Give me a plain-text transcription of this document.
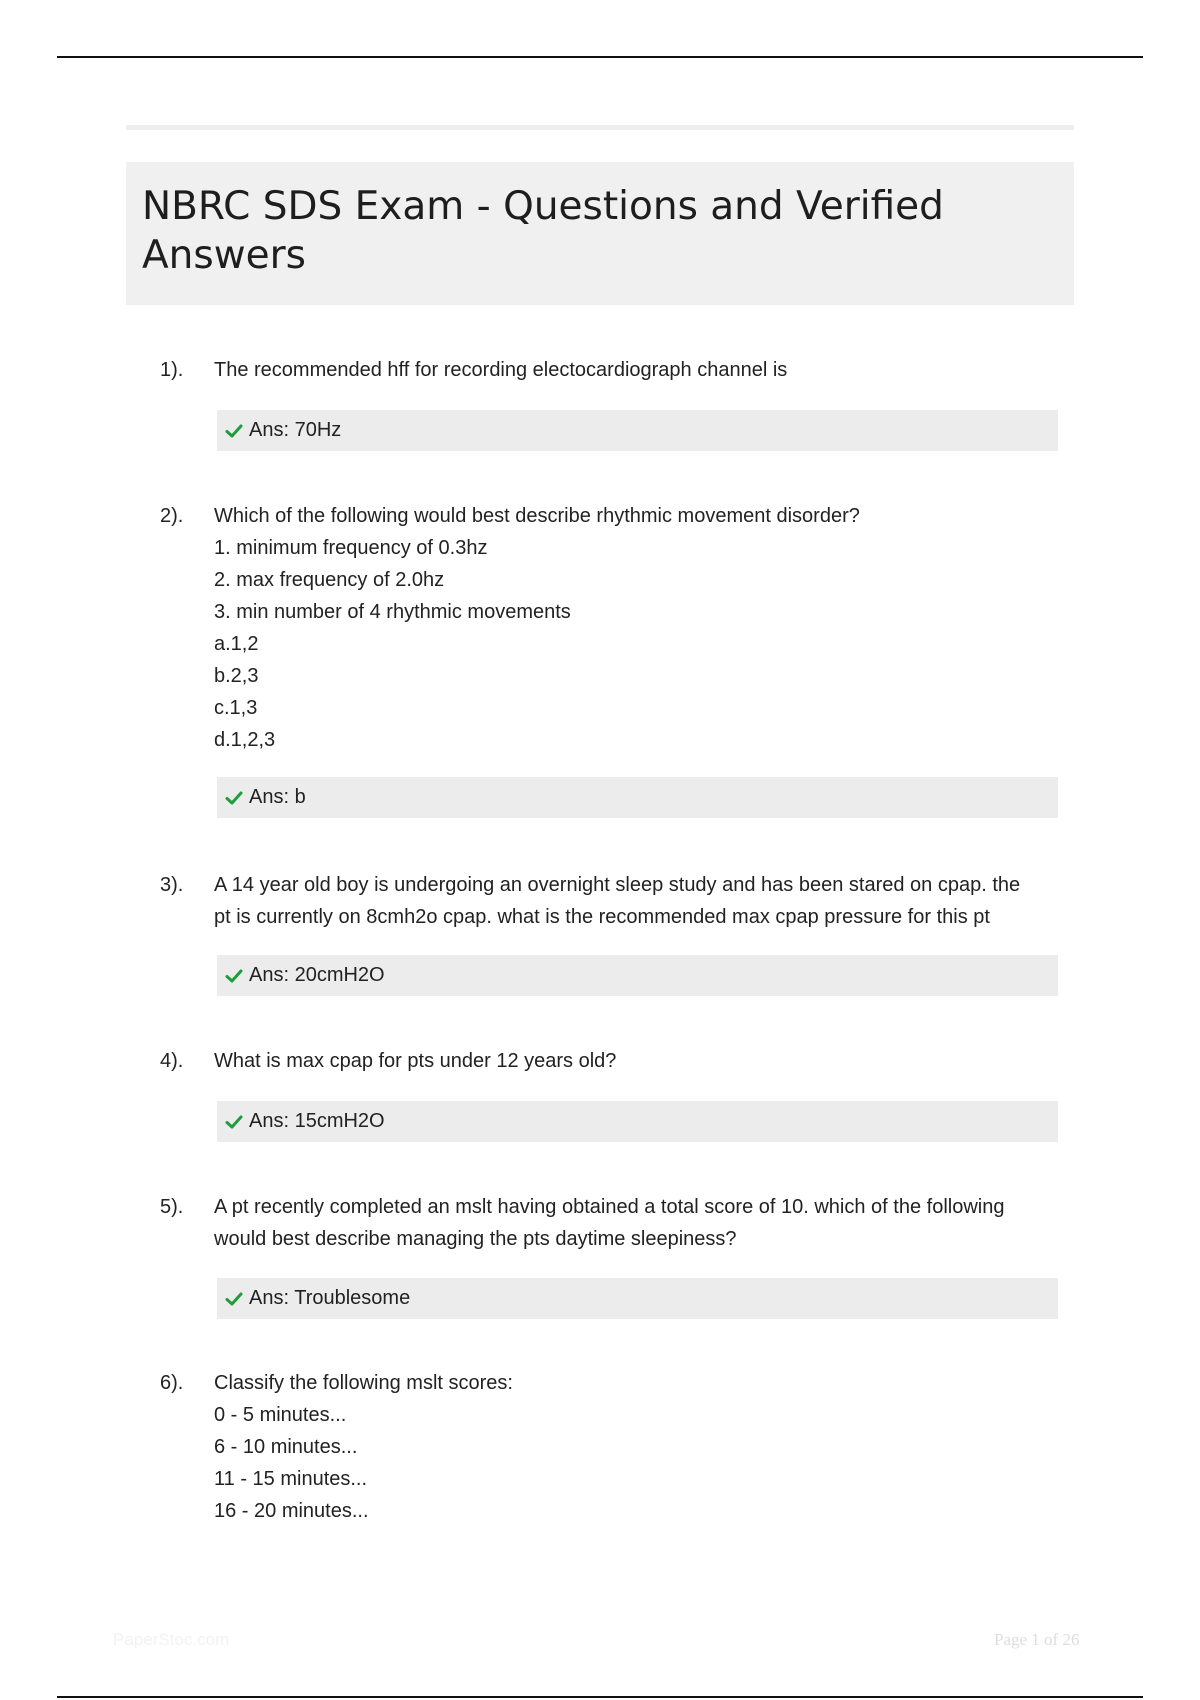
NBRC SDS Exam - Questions and Verified
Answers
1). The recommended hff for recording electocardiograph channel is
Ans: 70Hz
2). Which of the following would best describe rhythmic movement disorder?
1. minimum frequency of 0.3hz
2. max frequency of 2.0hz
3. min number of 4 rhythmic movements
a.1,2
b.2,3
c.1,3
d.1,2,3
Ans: b
3). A 14 year old boy is undergoing an overnight sleep study and has been stared on cpap. the
pt is currently on 8cmh2o cpap. what is the recommended max cpap pressure for this pt
Ans: 20cmH2O
4). What is max cpap for pts under 12 years old?
Ans: 15cmH2O
5). A pt recently completed an mslt having obtained a total score of 10. which of the following
would best describe managing the pts daytime sleepiness?
Ans: Troublesome
6). Classify the following mslt scores:
0 - 5 minutes...
6 - 10 minutes...
11 - 15 minutes...
16 - 20 minutes...
PaperStoc.com	Page 1 of 26
